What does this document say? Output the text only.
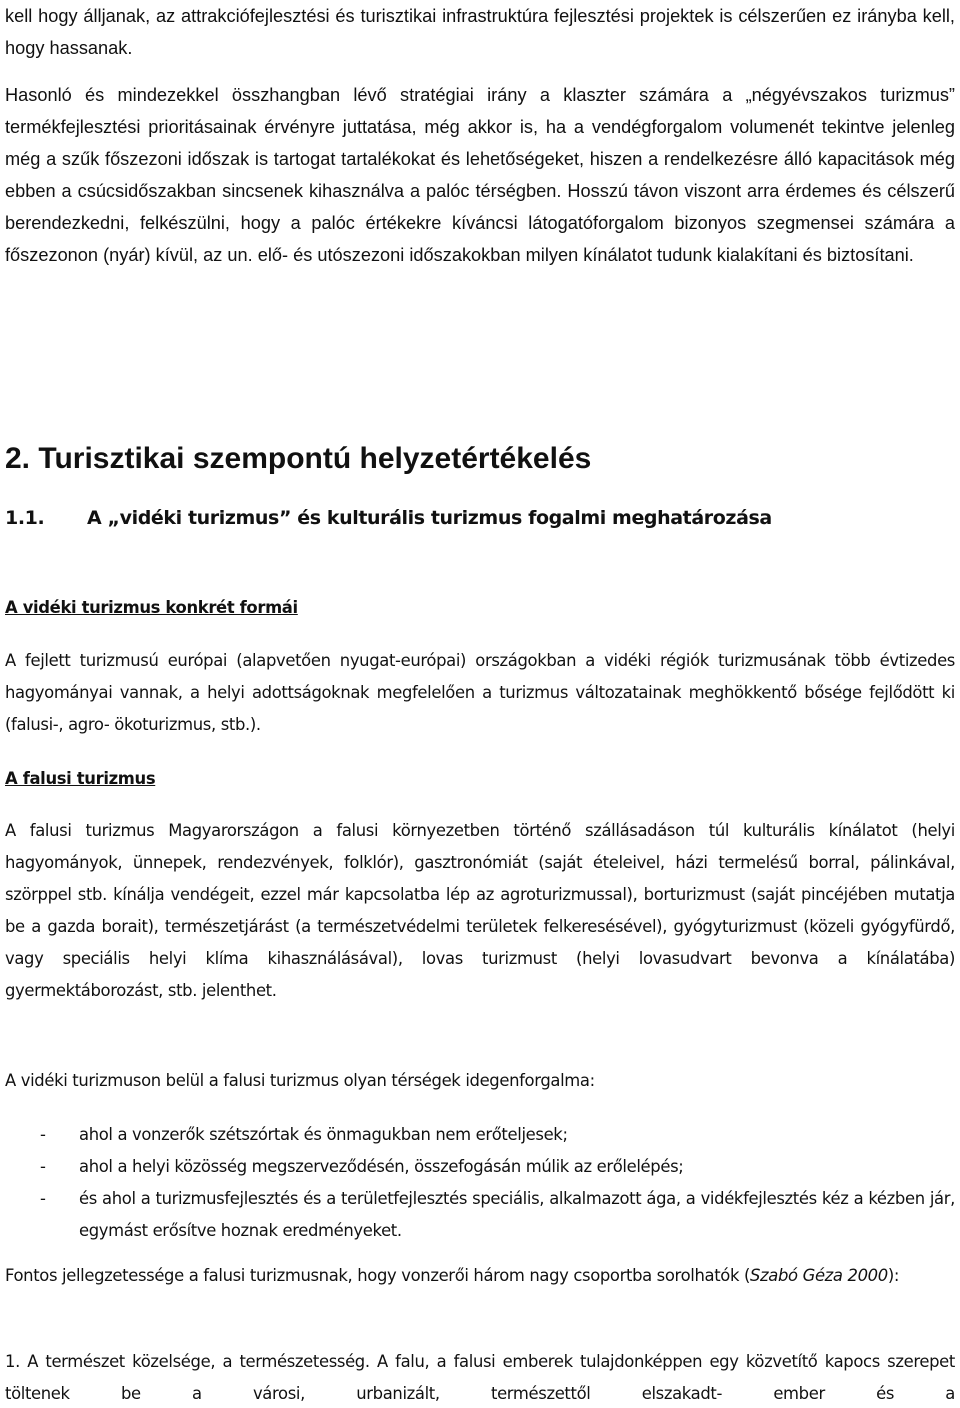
kell hogy álljanak, az attrakciófejlesztési és turisztikai infrastruktúra fejlesztési projektek is célszerűen ez irányba kell, hogy hassanak.

Hasonló és mindezekkel összhangban lévő stratégiai irány a klaszter számára a „négyévszakos turizmus” termékfejlesztési prioritásainak érvényre juttatása, még akkor is, ha a vendégforgalom volumenét tekintve jelenleg még a szűk főszezoni időszak is tartogat tartalékokat és lehetőségeket, hiszen a rendelkezésre álló kapacitások még ebben a csúcsidőszakban sincsenek kihasználva a palóc térségben. Hosszú távon viszont arra érdemes és célszerű berendezkedni, felkészülni, hogy a palóc értékekre kíváncsi látogatóforgalom bizonyos szegmensei számára a főszezonon (nyár) kívül, az un. elő- és utószezoni időszakokban milyen kínálatot tudunk kialakítani és biztosítani.

2. Turisztikai szempontú helyzetértékelés
1.1. A „vidéki turizmus” és kulturális turizmus fogalmi meghatározása

A vidéki turizmus konkrét formái

A fejlett turizmusú európai (alapvetően nyugat-európai) országokban a vidéki régiók turizmusának több évtizedes hagyományai vannak, a helyi adottságoknak megfelelően a turizmus változatainak meghökkentő bősége fejlődött ki (falusi-, agro- ökoturizmus, stb.).

A falusi turizmus

A falusi turizmus Magyarországon a falusi környezetben történő szállásadáson túl kulturális kínálatot (helyi hagyományok, ünnepek, rendezvények, folklór), gasztronómiát (saját ételeivel, házi termelésű borral, pálinkával, szörppel stb. kínálja vendégeit, ezzel már kapcsolatba lép az agroturizmussal), borturizmust (saját pincéjében mutatja be a gazda borait), természetjárást (a természetvédelmi területek felkeresésével), gyógyturizmust (közeli gyógyfürdő, vagy speciális helyi klíma kihasználásával), lovas turizmust (helyi lovasudvart bevonva a kínálatába) gyermektáborozást, stb. jelenthet.

A vidéki turizmuson belül a falusi turizmus olyan térségek idegenforgalma:

- ahol a vonzerők szétszórtak és önmagukban nem erőteljesek;
- ahol a helyi közösség megszerveződésén, összefogásán múlik az erőlelépés;
- és ahol a turizmusfejlesztés és a területfejlesztés speciális, alkalmazott ága, a vidékfejlesztés kéz a kézben jár, egymást erősítve hoznak eredményeket.

Fontos jellegzetessége a falusi turizmusnak, hogy vonzerői három nagy csoportba sorolhatók (Szabó Géza 2000):

1. A természet közelsége, a természetesség. A falu, a falusi emberek tulajdonképpen egy közvetítő kapocs szerepet töltenek be a városi, urbanizált, természettől elszakadt- ember és a
